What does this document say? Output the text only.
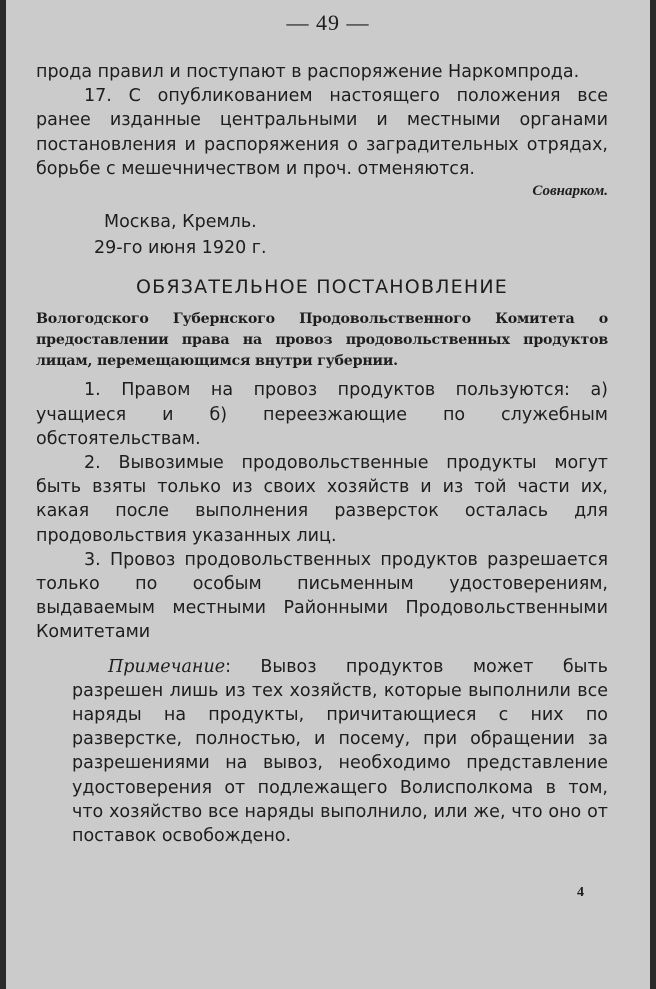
— 49 —

прода правил и поступают в распоряжение Наркомпрода.

17. С опубликованием настоящего положения все ранее изданные центральными и местными органами постановления и распоряжения о заградительных отрядах, борьбе с мешечничеством и проч. отменяются.

Совнарком.

Москва, Кремль.

29-го июня 1920 г.

ОБЯЗАТЕЛЬНОЕ ПОСТАНОВЛЕНИЕ

Вологодского Губернского Продовольственного Комитета о предоставлении права на провоз продовольственных продуктов лицам, перемещающимся внутри губернии.

1. Правом на провоз продуктов пользуются: а) учащиеся и б) переезжающие по служебным обстоятельствам.

2. Вывозимые продовольственные продукты могут быть взяты только из своих хозяйств и из той части их, какая после выполнения разверсток осталась для продовольствия указанных лиц.

3. Провоз продовольственных продуктов разрешается только по особым письменным удостоверениям, выдаваемым местными Районными Продовольственными Комитетами

Примечание: Вывоз продуктов может быть разрешен лишь из тех хозяйств, которые выполнили все наряды на продукты, причитающиеся с них по разверстке, полностью, и посему, при обращении за разрешениями на вывоз, необходимо представление удостоверения от подлежащего Волисполкома в том, что хозяйство все наряды выполнило, или же, что оно от поставок освобождено.

4
